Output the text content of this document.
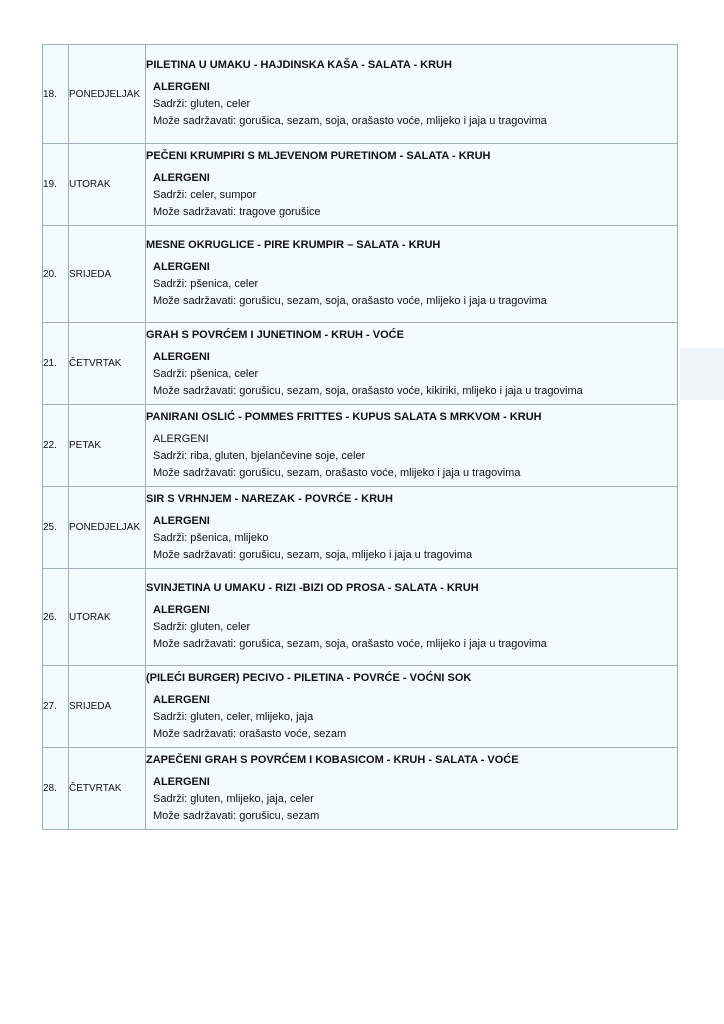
18.	PONEDJELJAK	PILETINA U UMAKU - HAJDINSKA KAŠA - SALATA - KRUH
ALERGENI
Sadrži: gluten, celer
Može sadržavati: gorušica, sezam, soja, orašasto voće, mlijeko i jaja u tragovima

19.	UTORAK	PEČENI KRUMPIRI S MLJEVENOM PURETINOM - SALATA - KRUH
ALERGENI
Sadrži: celer, sumpor
Može sadržavati: tragove gorušice

20.	SRIJEDA	MESNE OKRUGLICE - PIRE KRUMPIR – SALATA - KRUH
ALERGENI
Sadrži: pšenica, celer
Može sadržavati: gorušicu, sezam, soja, orašasto voće, mlijeko i jaja u tragovima

21.	ČETVRTAK	GRAH S POVRĆEM I JUNETINOM - KRUH - VOĆE
ALERGENI
Sadrži: pšenica, celer
Može sadržavati: gorušicu, sezam, soja, orašasto voće, kikiriki, mlijeko i jaja u tragovima

22.	PETAK	PANIRANI OSLIĆ - POMMES FRITTES - KUPUS SALATA S MRKVOM - KRUH
ALERGENI
Sadrži: riba, gluten, bjelančevine soje, celer
Može sadržavati: gorušicu, sezam, orašasto voće, mlijeko i jaja u tragovima

25.	PONEDJELJAK	SIR S VRHNJEM - NAREZAK - POVRĆE - KRUH
ALERGENI
Sadrži: pšenica, mlijeko
Može sadržavati: gorušicu, sezam, soja, mlijeko i jaja u tragovima

26.	UTORAK	SVINJETINA U UMAKU - RIZI -BIZI OD PROSA - SALATA - KRUH
ALERGENI
Sadrži: gluten, celer
Može sadržavati: gorušica, sezam, soja, orašasto voće, mlijeko i jaja u tragovima

27.	SRIJEDA	(PILEĆI BURGER) PECIVO - PILETINA - POVRĆE - VOĆNI SOK
ALERGENI
Sadrži: gluten, celer, mlijeko, jaja
Može sadržavati: orašasto voće, sezam

28.	ČETVRTAK	ZAPEČENI GRAH S POVRĆEM I KOBASICOM - KRUH - SALATA - VOĆE
ALERGENI
Sadrži: gluten, mlijeko, jaja, celer
Može sadržavati: gorušicu, sezam
